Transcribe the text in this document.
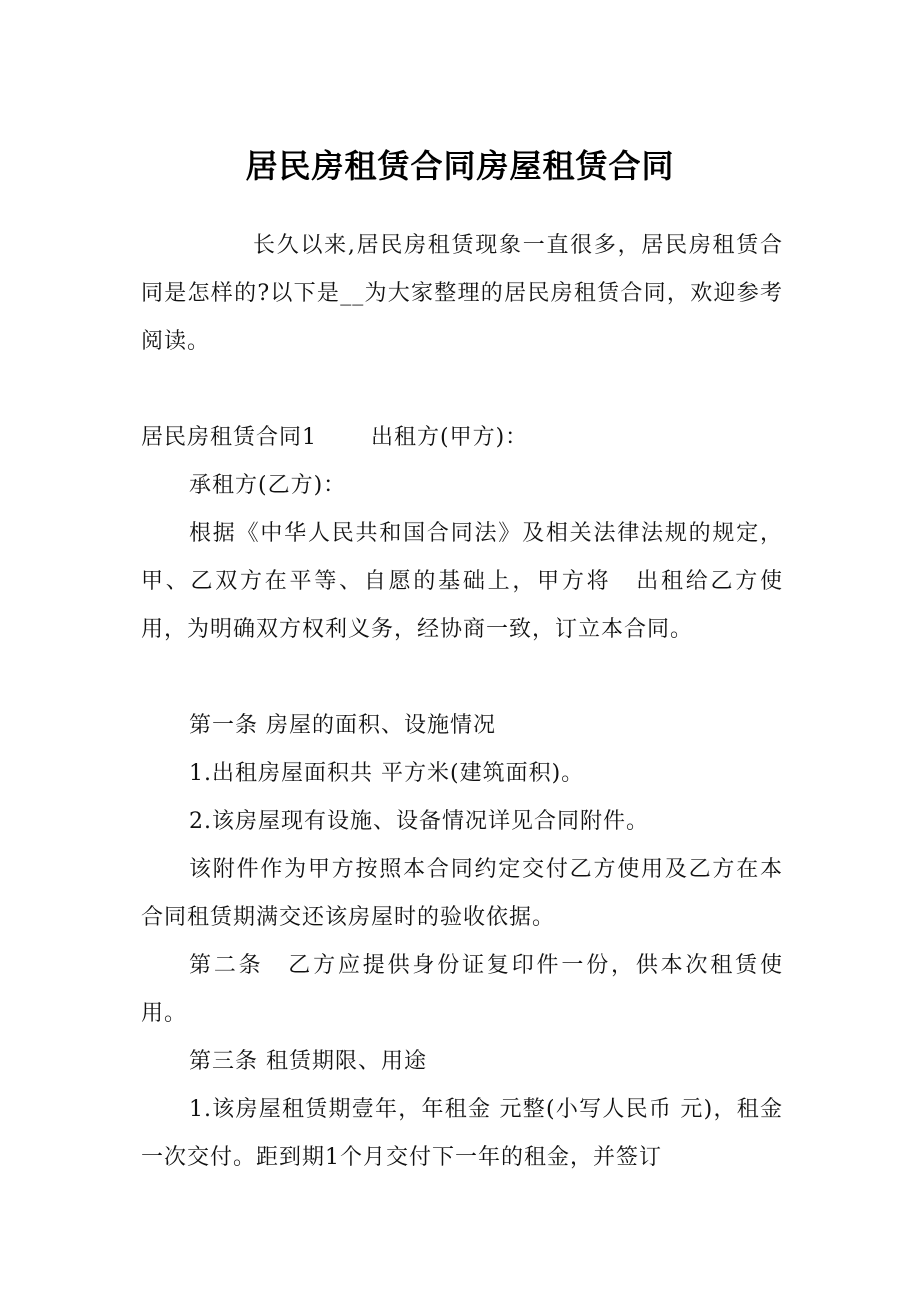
居民房租赁合同房屋租赁合同

长久以来,居民房租赁现象一直很多，居民房租赁合同是怎样的?以下是__为大家整理的居民房租赁合同，欢迎参考阅读。

居民房租赁合同1 出租方(甲方)：

承租方(乙方)：

根据《中华人民共和国合同法》及相关法律法规的规定，甲、乙双方在平等、自愿的基础上，甲方将　出租给乙方使用，为明确双方权利义务，经协商一致，订立本合同。

第一条 房屋的面积、设施情况

1.出租房屋面积共 平方米(建筑面积)。

2.该房屋现有设施、设备情况详见合同附件。

该附件作为甲方按照本合同约定交付乙方使用及乙方在本合同租赁期满交还该房屋时的验收依据。

第二条　乙方应提供身份证复印件一份，供本次租赁使用。

第三条 租赁期限、用途

1.该房屋租赁期壹年，年租金 元整(小写人民币 元)，租金一次交付。距到期1个月交付下一年的租金，并签订
